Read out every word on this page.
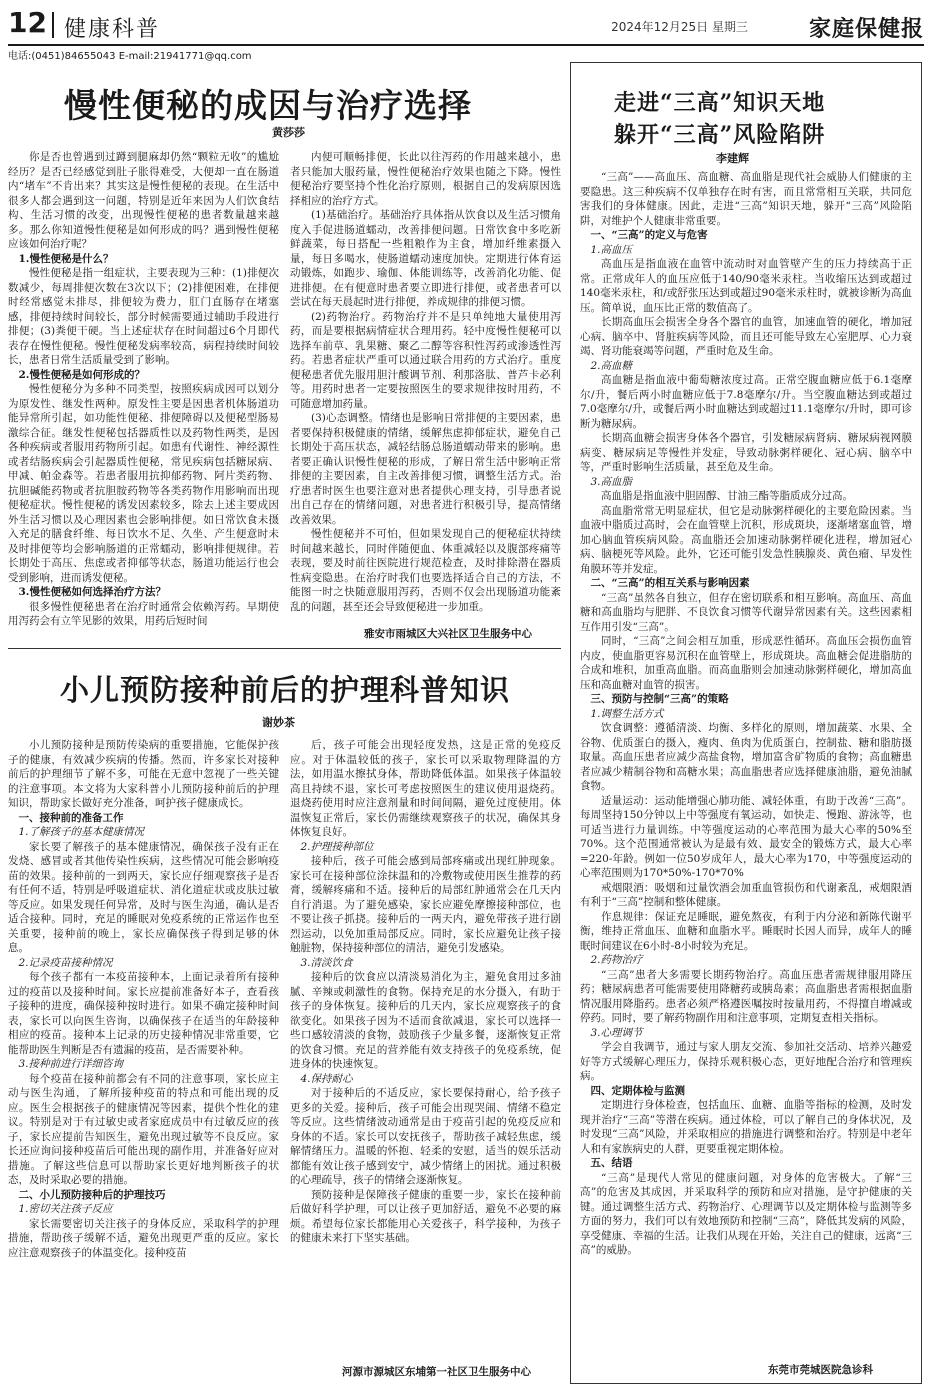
12 健康科普	2024年12月25日 星期三	家庭保健报
电话:(0451)84655043 E-mail:21941771@qq.com
慢性便秘的成因与治疗选择
黄莎莎

你是否也曾遇到过蹲到腿麻却仍然“颗粒无收”的尴尬经历？是否已经感觉到肚子胀得难受，大便却一直在肠道内“堵车”不肯出来？其实这是慢性便秘的表现。在生活中很多人都会遇到这一问题，特别是近年来因为人们饮食结构、生活习惯的改变，出现慢性便秘的患者数量越来越多。那么你知道慢性便秘是如何形成的吗？遇到慢性便秘应该如何治疗呢？

1.慢性便秘是什么？

慢性便秘是指一组症状，主要表现为三种：(1)排便次数减少，每周排便次数在3次以下；(2)排便困难，在排便时经常感觉未排尽，排便较为费力，肛门直肠存在堵塞感，排便持续时间较长，部分时候需要通过辅助手段进行排便；(3)粪便干硬。当上述症状存在时间超过6个月即代表存在慢性便秘。慢性便秘发病率较高，病程持续时间较长，患者日常生活质量受到了影响。

2.慢性便秘是如何形成的？

慢性便秘分为多种不同类型，按照疾病成因可以划分为原发性、继发性两种。原发性主要是因患者机体肠道功能异常所引起，如功能性便秘、排便障碍以及便秘型肠易激综合征。继发性便秘包括器质性以及药物性两类，是因各种疾病或者服用药物所引起。如患有代谢性、神经源性或者结肠疾病会引起器质性便秘，常见疾病包括糖尿病、甲减、帕金森等。若患者服用抗抑郁药物、阿片类药物、抗胆碱能药物或者抗胆胺药物等各类药物作用影响而出现便秘症状。慢性便秘的诱发因素较多，除去上述主要成因外生活习惯以及心理因素也会影响排便。如日常饮食未摄入充足的膳食纤维、每日饮水不足、久坐、产生便意时未及时排便等均会影响肠道的正常蠕动，影响排便规律。若长期处于高压、焦虑或者抑郁等状态，肠道功能运行也会受到影响，进而诱发便秘。

3.慢性便秘如何选择治疗方法？

很多慢性便秘患者在治疗时通常会依赖泻药。早期使用泻药会有立竿见影的效果，用药后短时间

内便可顺畅排便，长此以往泻药的作用越来越小，患者只能加大服药量，慢性便秘治疗效果也随之下降。慢性便秘治疗要坚持个性化治疗原则，根据自己的发病原因选择相应的治疗方式。

(1)基础治疗。基础治疗具体指从饮食以及生活习惯角度入手促进肠道蠕动，改善排便问题。日常饮食中多吃新鲜蔬菜，每日搭配一些粗粮作为主食，增加纤维素摄入量，每日多喝水，使肠道蠕动速度加快。定期进行体育运动锻炼，如跑步、瑜伽、体能训练等，改善消化功能、促进排便。在有便意时患者要立即进行排便，或者患者可以尝试在每天晨起时进行排便，养成规律的排便习惯。

(2)药物治疗。药物治疗并不是只单纯地大量使用泻药，而是要根据病情症状合理用药。轻中度慢性便秘可以选择车前草、乳果糖、聚乙二醇等容积性泻药或渗透性泻药。若患者症状严重可以通过联合用药的方式治疗。重度便秘患者优先服用胆汁酸调节剂、利那洛肽、普芦卡必利等。用药时患者一定要按照医生的要求规律按时用药，不可随意增加药量。

(3)心态调整。情绪也是影响日常排便的主要因素，患者要保持积极健康的情绪，缓解焦虑抑郁症状，避免自己长期处于高压状态，减轻结肠总肠道蠕动带来的影响。患者要正确认识慢性便秘的形成，了解日常生活中影响正常排便的主要因素，自主改善排便习惯，调整生活方式。治疗患者时医生也要注意对患者提供心理支持，引导患者说出自己存在的情绪问题，对患者进行积极引导，提高情绪改善效果。

慢性便秘并不可怕，但如果发现自己的便秘症状持续时间越来越长，同时伴随便血、体重减轻以及腹部疼痛等表现，要及时前往医院进行规范检查，及时排除潜在器质性病变隐患。在治疗时我们也要选择适合自己的方法，不能图一时之快随意服用泻药，否则不仅会出现肠道功能紊乱的问题，甚至还会导致便秘进一步加重。

雅安市雨城区大兴社区卫生服务中心
小儿预防接种前后的护理科普知识
谢妙茶

小儿预防接种是预防传染病的重要措施，它能保护孩子的健康，有效减少疾病的传播。然而，许多家长对接种前后的护理细节了解不多，可能在无意中忽视了一些关键的注意事项。本文将为大家科普小儿预防接种前后的护理知识，帮助家长做好充分准备，呵护孩子健康成长。

一、接种前的准备工作

1.了解孩子的基本健康情况

家长要了解孩子的基本健康情况，确保孩子没有正在发烧、感冒或者其他传染性疾病，这些情况可能会影响疫苗的效果。接种前的一到两天，家长应仔细观察孩子是否有任何不适，特别是呼吸道症状、消化道症状或皮肤过敏等反应。如果发现任何异常，及时与医生沟通，确认是否适合接种。同时，充足的睡眠对免疫系统的正常运作也至关重要，接种前的晚上，家长应确保孩子得到足够的休息。

2.记录疫苗接种情况

每个孩子都有一本疫苗接种本，上面记录着所有接种过的疫苗以及接种时间。家长应提前准备好本子，查看孩子接种的进度，确保接种按时进行。如果不确定接种时间表，家长可以向医生咨询，以确保孩子在适当的年龄接种相应的疫苗。接种本上记录的历史接种情况非常重要，它能帮助医生判断是否有遗漏的疫苗，是否需要补种。

3.接种前进行详细咨询

每个疫苗在接种前都会有不同的注意事项，家长应主动与医生沟通，了解所接种疫苗的特点和可能出现的反应。医生会根据孩子的健康情况等因素，提供个性化的建议。特别是对于有过敏史或者家庭成员中有过敏反应的孩子，家长应提前告知医生，避免出现过敏等不良反应。家长还应询问接种疫苗后可能出现的副作用，并准备好应对措施。了解这些信息可以帮助家长更好地判断孩子的状态，及时采取必要的措施。

二、小儿预防接种后的护理技巧

1.密切关注孩子反应

家长需要密切关注孩子的身体反应，采取科学的护理措施，帮助孩子缓解不适，避免出现更严重的反应。家长应注意观察孩子的体温变化。接种疫苗

后，孩子可能会出现轻度发热，这是正常的免疫反应。对于体温较低的孩子，家长可以采取物理降温的方法，如用温水擦拭身体，帮助降低体温。如果孩子体温较高且持续不退，家长可考虑按照医生的建议使用退烧药。退烧药使用时应注意剂量和时间间隔，避免过度使用。体温恢复正常后，家长仍需继续观察孩子的状况，确保其身体恢复良好。

2.护理接种部位

接种后，孩子可能会感到局部疼痛或出现红肿现象。家长可在接种部位涂抹温和的冷敷物或使用医生推荐的药膏，缓解疼痛和不适。接种后的局部红肿通常会在几天内自行消退。为了避免感染，家长应避免摩擦接种部位，也不要让孩子抓挠。接种后的一两天内，避免带孩子进行剧烈运动，以免加重局部反应。同时，家长应避免让孩子接触脏物，保持接种部位的清洁，避免引发感染。

3.清淡饮食

接种后的饮食应以清淡易消化为主，避免食用过多油腻、辛辣或刺激性的食物。保持充足的水分摄入，有助于孩子的身体恢复。接种后的几天内，家长应观察孩子的食欲变化。如果孩子因为不适而食欲减退，家长可以选择一些口感较清淡的食物，鼓励孩子少量多餐，逐渐恢复正常的饮食习惯。充足的营养能有效支持孩子的免疫系统，促进身体的快速恢复。

4.保持耐心

对于接种后的不适反应，家长要保持耐心，给予孩子更多的关爱。接种后，孩子可能会出现哭闹、情绪不稳定等反应。这些情绪波动通常是由于疫苗引起的免疫反应和身体的不适。家长可以安抚孩子，帮助孩子减轻焦虑，缓解情绪压力。温暖的怀抱、轻柔的安慰，适当的娱乐活动都能有效让孩子感到安宁，减少情绪上的困扰。通过积极的心理疏导，孩子的情绪会逐渐恢复。

预防接种是保障孩子健康的重要一步，家长在接种前后做好科学护理，可以让孩子更加舒适，避免不必要的麻烦。希望每位家长都能用心关爱孩子，科学接种，为孩子的健康未来打下坚实基础。

河源市源城区东埔第一社区卫生服务中心
走进“三高”知识天地
躲开“三高”风险陷阱
李建辉

“三高”——高血压、高血糖、高血脂是现代社会威胁人们健康的主要隐患。这三种疾病不仅单独存在时有害，而且常常相互关联，共同危害我们的身体健康。因此，走进“三高”知识天地，躲开“三高”风险陷阱，对维护个人健康非常重要。

一、“三高”的定义与危害

1.高血压

高血压是指血液在血管中流动时对血管壁产生的压力持续高于正常。正常成年人的血压应低于140/90毫米汞柱。当收缩压达到或超过140毫米汞柱，和/或舒张压达到或超过90毫米汞柱时，就被诊断为高血压。简单说，血压比正常的数值高了。

长期高血压会损害全身各个器官的血管，加速血管的硬化，增加冠心病、脑卒中、肾脏疾病等风险，而且还可能导致左心室肥厚、心力衰竭、肾功能衰竭等问题，严重时危及生命。

2.高血糖

高血糖是指血液中葡萄糖浓度过高。正常空腹血糖应低于6.1毫摩尔/升，餐后两小时血糖应低于7.8毫摩尔/升。当空腹血糖达到或超过7.0毫摩尔/升，或餐后两小时血糖达到或超过11.1毫摩尔/升时，即可诊断为糖尿病。

长期高血糖会损害身体各个器官，引发糖尿病肾病、糖尿病视网膜病变、糖尿病足等慢性并发症，导致动脉粥样硬化、冠心病、脑卒中等，严重时影响生活质量，甚至危及生命。

3.高血脂

高血脂是指血液中胆固醇、甘油三酯等脂质成分过高。

高血脂常常无明显症状，但它是动脉粥样硬化的主要危险因素。当血液中脂质过高时，会在血管壁上沉积，形成斑块，逐渐堵塞血管，增加心脑血管疾病风险。高血脂还会加速动脉粥样硬化进程，增加冠心病、脑梗死等风险。此外，它还可能引发急性胰腺炎、黄色瘤、早发性角膜环等并发症。

二、“三高”的相互关系与影响因素

“三高”虽然各自独立，但存在密切联系和相互影响。高血压、高血糖和高血脂均与肥胖、不良饮食习惯等代谢异常因素有关。这些因素相互作用引发“三高”。

同时，“三高”之间会相互加重，形成恶性循环。高血压会损伤血管内皮，使血脂更容易沉积在血管壁上，形成斑块。高血糖会促进脂肪的合成和堆积，加重高血脂。而高血脂则会加速动脉粥样硬化，增加高血压和高血糖对血管的损害。

三、预防与控制“三高”的策略

1.调整生活方式

饮食调整：遵循清淡、均衡、多样化的原则，增加蔬菜、水果、全谷物、优质蛋白的摄入，瘦肉、鱼肉为优质蛋白，控制盐、糖和脂肪摄取量。高血压患者应减少高盐食物，增加富含矿物质的食物；高血糖患者应减少精制谷物和高糖水果；高血脂患者应选择健康油脂，避免油腻食物。

适量运动：运动能增强心肺功能、减轻体重，有助于改善“三高”。每周坚持150分钟以上中等强度有氧运动，如快走、慢跑、游泳等，也可适当进行力量训练。中等强度运动的心率范围为最大心率的50%至70%。这个范围通常被认为是最有效、最安全的锻炼方式，最大心率=220-年龄。例如一位50岁成年人，最大心率为170，中等强度运动的心率范围则为170*50%-170*70%

戒烟限酒：吸烟和过量饮酒会加重血管损伤和代谢紊乱，戒烟限酒有利于“三高”控制和整体健康。

作息规律：保证充足睡眠，避免熬夜，有利于内分泌和新陈代谢平衡，维持正常血压、血糖和血脂水平。睡眠时长因人而异，成年人的睡眠时间建议在6小时-8小时较为充足。

2.药物治疗

“三高”患者大多需要长期药物治疗。高血压患者需规律服用降压药；糖尿病患者可能需要使用降糖药或胰岛素；高血脂患者需根据血脂情况服用降脂药。患者必须严格遵医嘱按时按量用药，不得擅自增减或停药。同时，要了解药物副作用和注意事项，定期复查相关指标。

3.心理调节

学会自我调节，通过与家人朋友交流、参加社交活动、培养兴趣爱好等方式缓解心理压力，保持乐观积极心态，更好地配合治疗和管理疾病。

四、定期体检与监测

定期进行身体检查，包括血压、血糖、血脂等指标的检测，及时发现并治疗“三高”等潜在疾病。通过体检，可以了解自己的身体状况，及时发现“三高”风险，并采取相应的措施进行调整和治疗。特别是中老年人和有家族病史的人群，更要重视定期体检。

五、结语

“三高”是现代人常见的健康问题，对身体的危害极大。了解“三高”的危害及其成因，并采取科学的预防和应对措施，是守护健康的关键。通过调整生活方式、药物治疗、心理调节以及定期体检与监测等多方面的努力，我们可以有效地预防和控制“三高”，降低其发病的风险，享受健康、幸福的生活。让我们从现在开始，关注自己的健康，远离“三高”的威胁。

东莞市莞城医院急诊科
